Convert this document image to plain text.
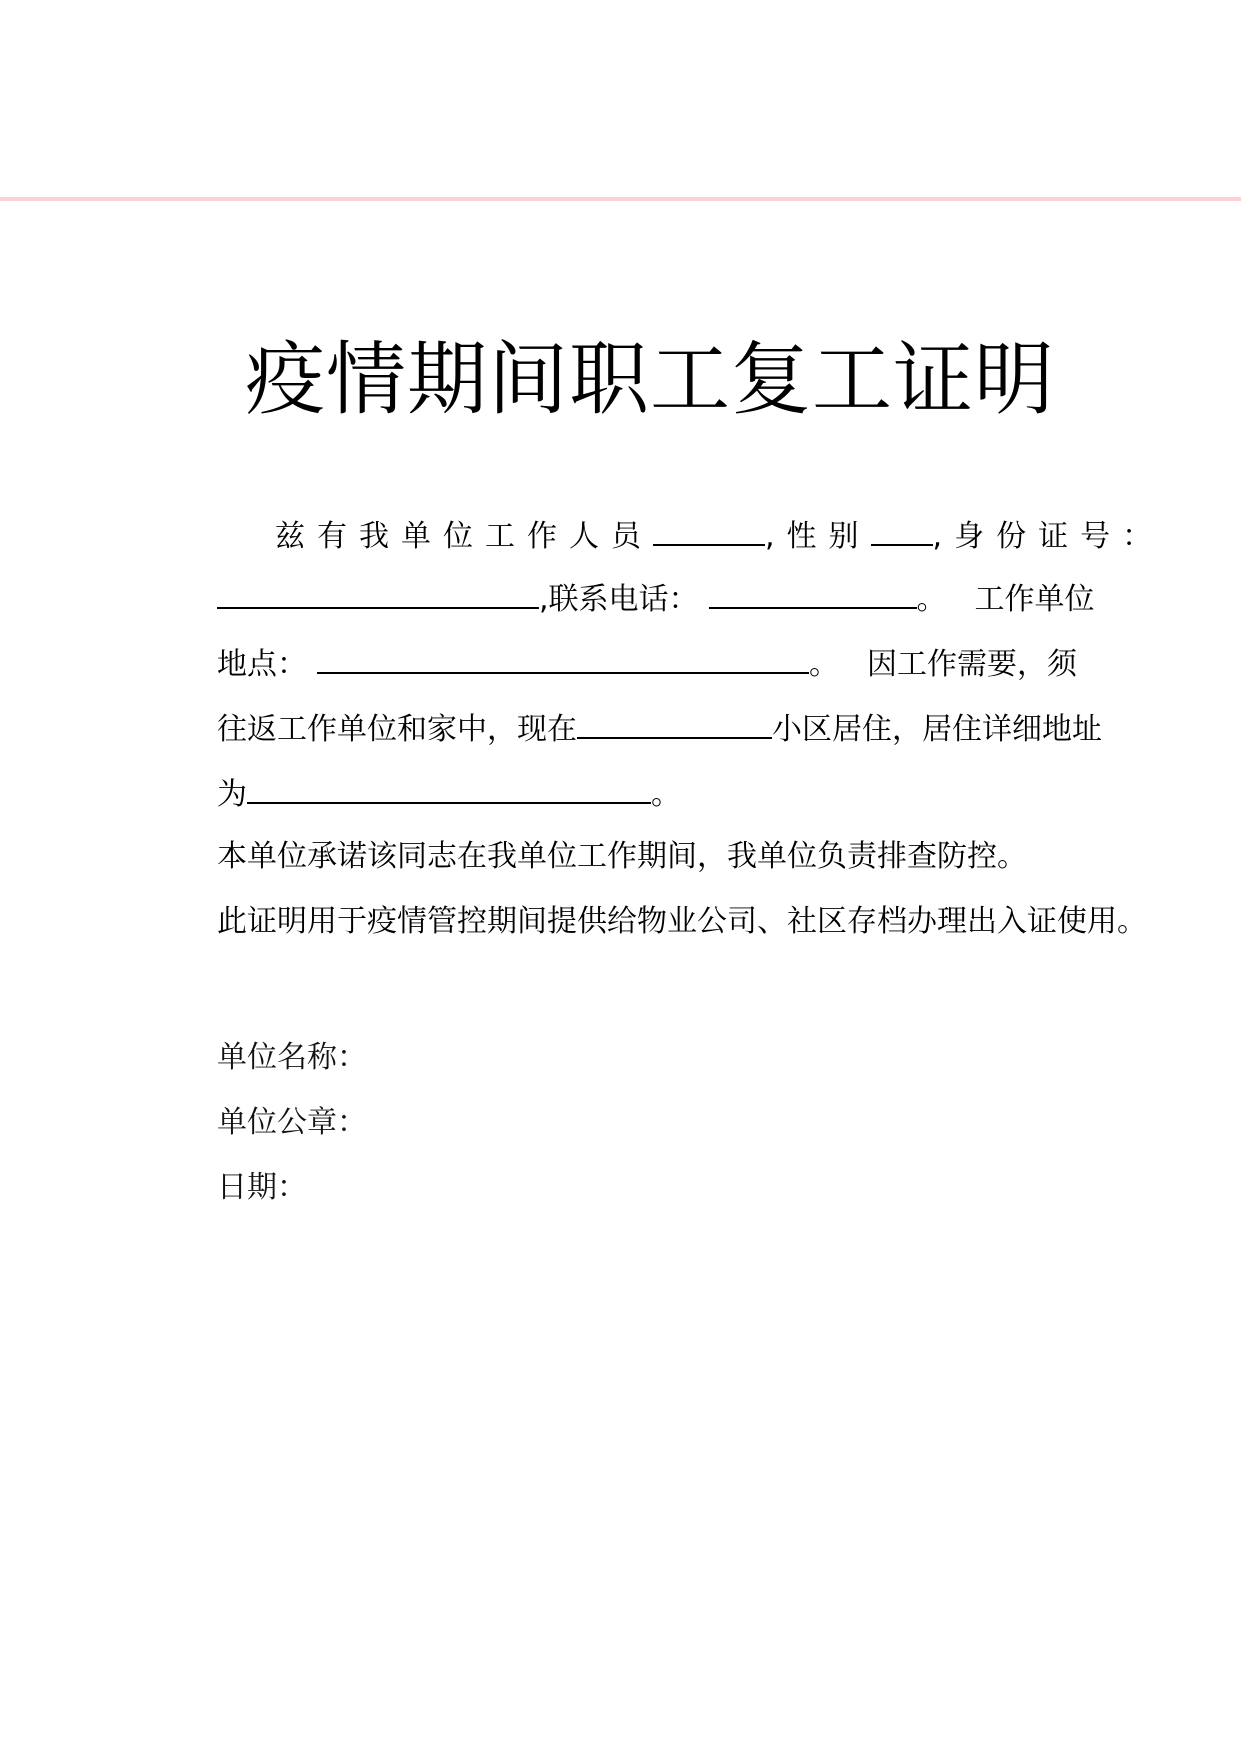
疫情期间职工复工证明
兹有我单位工作人员	,性别 ,身份证号：
,联系电话：	。 工作单位
地点：	。 因工作需要，须
往返工作单位和家中，现在	小区居住，居住详细地址
为	。
本单位承诺该同志在我单位工作期间，我单位负责排查防控。
此证明用于疫情管控期间提供给物业公司、社区存档办理出入证使用。
单位名称：
单位公章：
日期：
